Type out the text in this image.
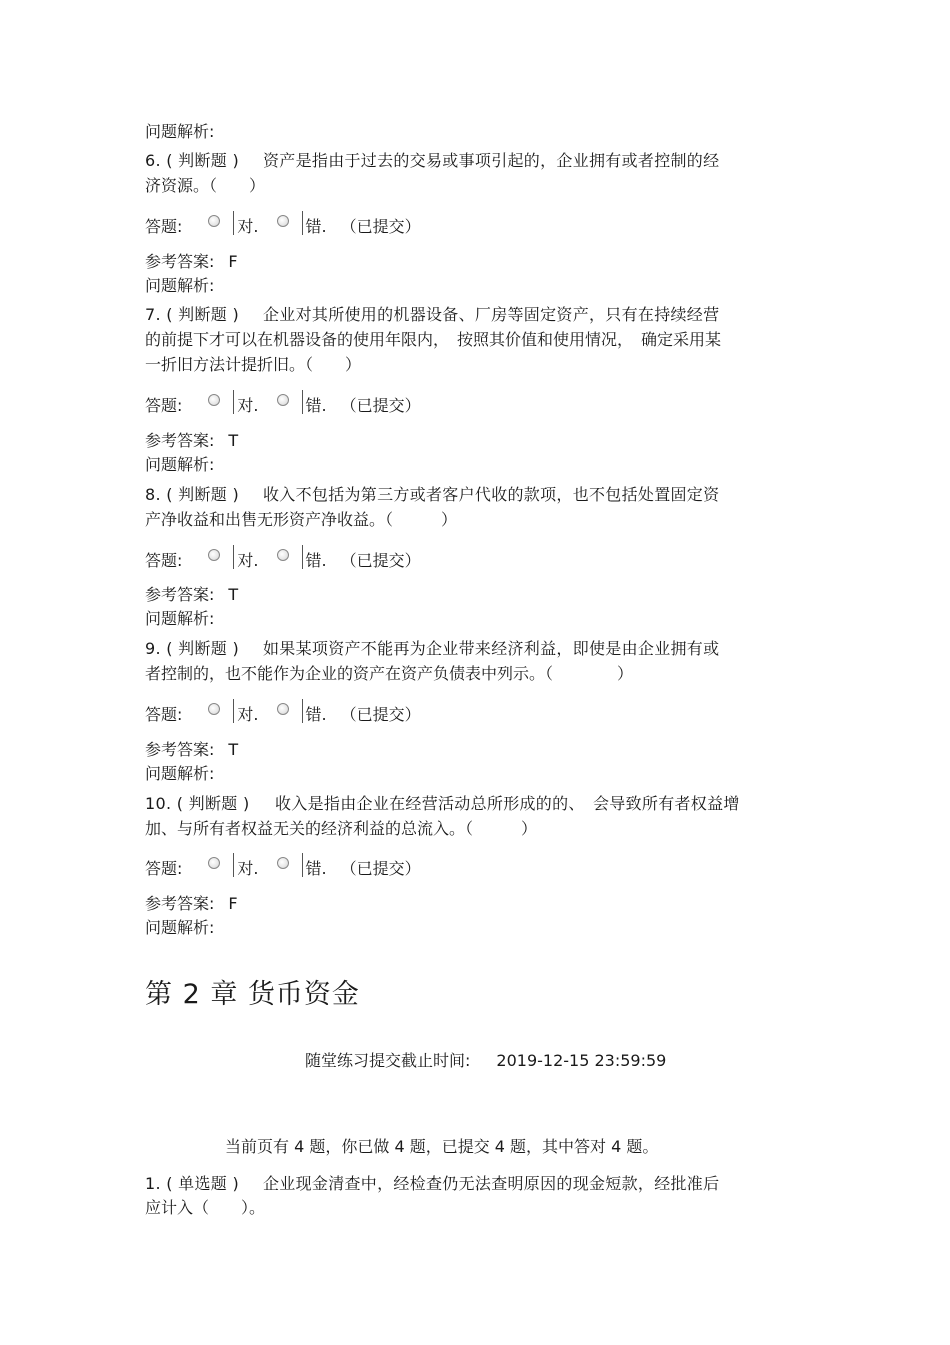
问题解析:
6. ( 判断题 ) 资产是指由于过去的交易或事项引起的，企业拥有或者控制的经
济资源。（　　）
答题:	对.	错. （已提交）
参考答案: F
问题解析:
7. ( 判断题 ) 企业对其所使用的机器设备、厂房等固定资产，只有在持续经营
的前提下才可以在机器设备的使用年限内，　按照其价值和使用情况，　确定采用某
一折旧方法计提折旧。（　　）
答题:	对.	错. （已提交）
参考答案: T
问题解析:
8. ( 判断题 ) 收入不包括为第三方或者客户代收的款项，也不包括处置固定资
产净收益和出售无形资产净收益。（　　　）
答题:	对.	错. （已提交）
参考答案: T
问题解析:
9. ( 判断题 ) 如果某项资产不能再为企业带来经济利益，即使是由企业拥有或
者控制的，也不能作为企业的资产在资产负债表中列示。（　　　　）
答题:	对.	错. （已提交）
参考答案: T
问题解析:
10. ( 判断题 ) 收入是指由企业在经营活动总所形成的的、　会导致所有者权益增
加、与所有者权益无关的经济利益的总流入。（　　　）
答题:	对.	错. （已提交）
参考答案: F
问题解析:
第 2 章 货币资金
随堂练习提交截止时间: 2019-12-15 23:59:59
当前页有 4 题，你已做 4 题，已提交 4 题，其中答对 4 题。
1. ( 单选题 ) 企业现金清查中，经检查仍无法查明原因的现金短款，经批准后
应计入（　　）。
